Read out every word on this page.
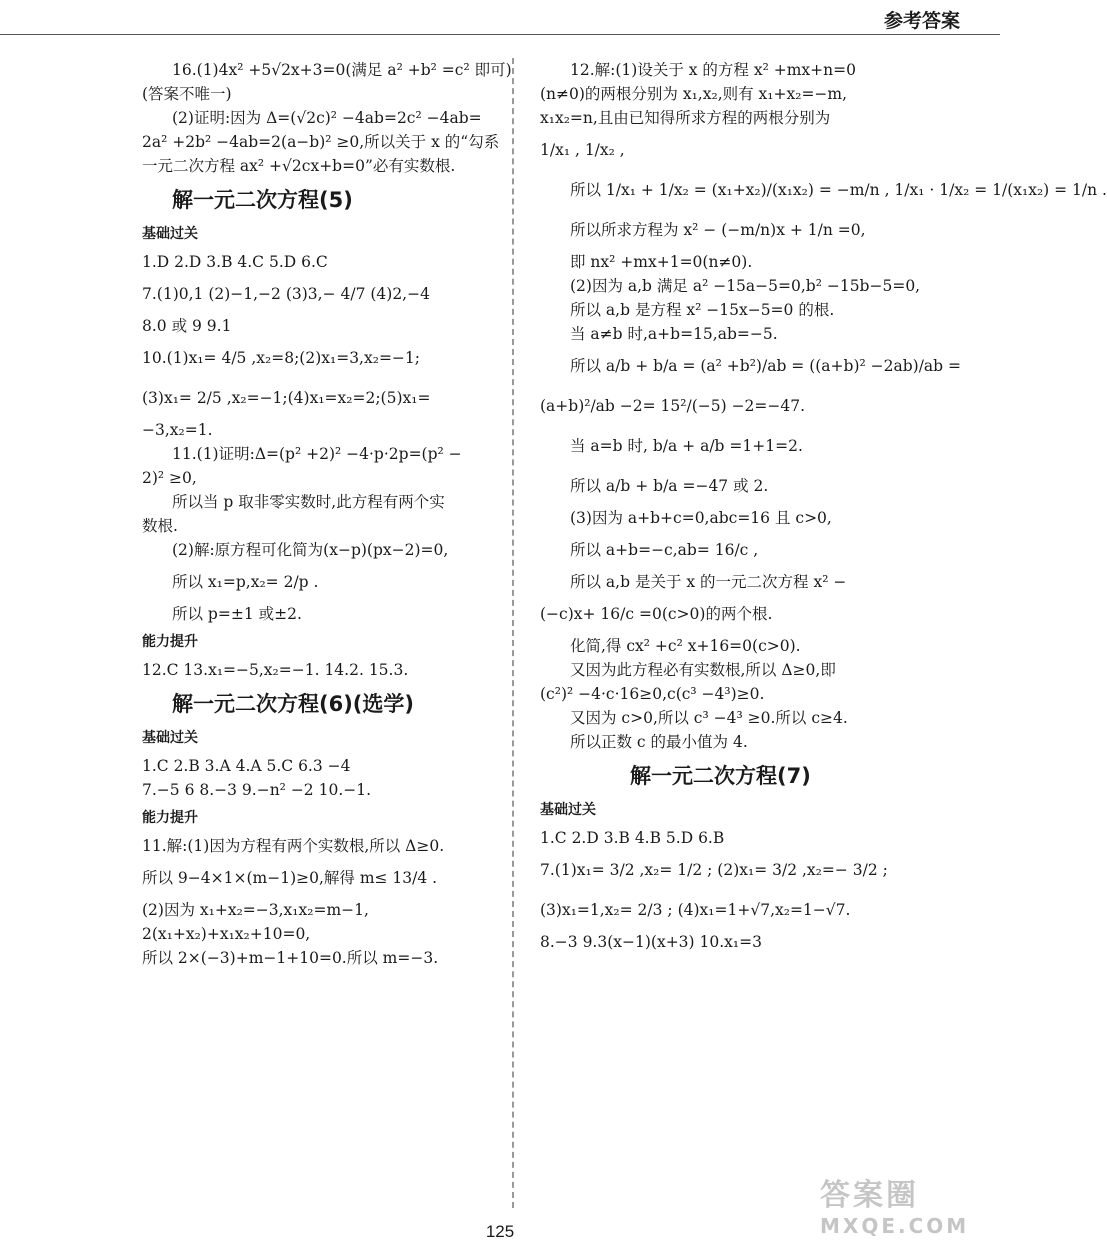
参考答案
16.(1)4x² +5√2x+3=0(满足 a² +b² =c² 即可)
(答案不唯一)
(2)证明:因为 Δ=(√2c)² −4ab=2c² −4ab=
2a² +2b² −4ab=2(a−b)² ≥0,所以关于 x 的“勾系
一元二次方程 ax² +√2cx+b=0”必有实数根.
解一元二次方程(5)
基础过关
1.D 2.D 3.B 4.C 5.D 6.C
7.(1)0,1 (2)−1,−2 (3)3,− 4/7 (4)2,−4
8.0 或 9 9.1
10.(1)x₁= 4/5 ,x₂=8;(2)x₁=3,x₂=−1;
(3)x₁= 2/5 ,x₂=−1;(4)x₁=x₂=2;(5)x₁=
−3,x₂=1.
11.(1)证明:Δ=(p² +2)² −4·p·2p=(p² −
2)² ≥0,
所以当 p 取非零实数时,此方程有两个实
数根.
(2)解:原方程可化简为(x−p)(px−2)=0,
所以 x₁=p,x₂= 2/p .
所以 p=±1 或±2.
能力提升
12.C 13.x₁=−5,x₂=−1. 14.2. 15.3.
解一元二次方程(6)(选学)
基础过关
1.C 2.B 3.A 4.A 5.C 6.3 −4
7.−5 6 8.−3 9.−n² −2 10.−1.
能力提升
11.解:(1)因为方程有两个实数根,所以 Δ≥0.
所以 9−4×1×(m−1)≥0,解得 m≤ 13/4 .
(2)因为 x₁+x₂=−3,x₁x₂=m−1,
2(x₁+x₂)+x₁x₂+10=0,
所以 2×(−3)+m−1+10=0.所以 m=−3.
12.解:(1)设关于 x 的方程 x² +mx+n=0
(n≠0)的两根分别为 x₁,x₂,则有 x₁+x₂=−m,
x₁x₂=n,且由已知得所求方程的两根分别为
1/x₁ , 1/x₂ ,
所以 1/x₁ + 1/x₂ = (x₁+x₂)/(x₁x₂) = −m/n , 1/x₁ · 1/x₂ = 1/(x₁x₂) = 1/n .
所以所求方程为 x² − (−m/n)x + 1/n =0,
即 nx² +mx+1=0(n≠0).
(2)因为 a,b 满足 a² −15a−5=0,b² −15b−5=0,
所以 a,b 是方程 x² −15x−5=0 的根.
当 a≠b 时,a+b=15,ab=−5.
所以 a/b + b/a = (a² +b²)/ab = ((a+b)² −2ab)/ab =
(a+b)²/ab −2= 15²/(−5) −2=−47.
当 a=b 时, b/a + a/b =1+1=2.
所以 a/b + b/a =−47 或 2.
(3)因为 a+b+c=0,abc=16 且 c>0,
所以 a+b=−c,ab= 16/c ,
所以 a,b 是关于 x 的一元二次方程 x² −
(−c)x+ 16/c =0(c>0)的两个根.
化简,得 cx² +c² x+16=0(c>0).
又因为此方程必有实数根,所以 Δ≥0,即
(c²)² −4·c·16≥0,c(c³ −4³)≥0.
又因为 c>0,所以 c³ −4³ ≥0.所以 c≥4.
所以正数 c 的最小值为 4.
解一元二次方程(7)
基础过关
1.C 2.D 3.B 4.B 5.D 6.B
7.(1)x₁= 3/2 ,x₂= 1/2 ; (2)x₁= 3/2 ,x₂=− 3/2 ;
(3)x₁=1,x₂= 2/3 ; (4)x₁=1+√7,x₂=1−√7.
8.−3 9.3(x−1)(x+3) 10.x₁=3
答案圈
MXQE.COM
125
